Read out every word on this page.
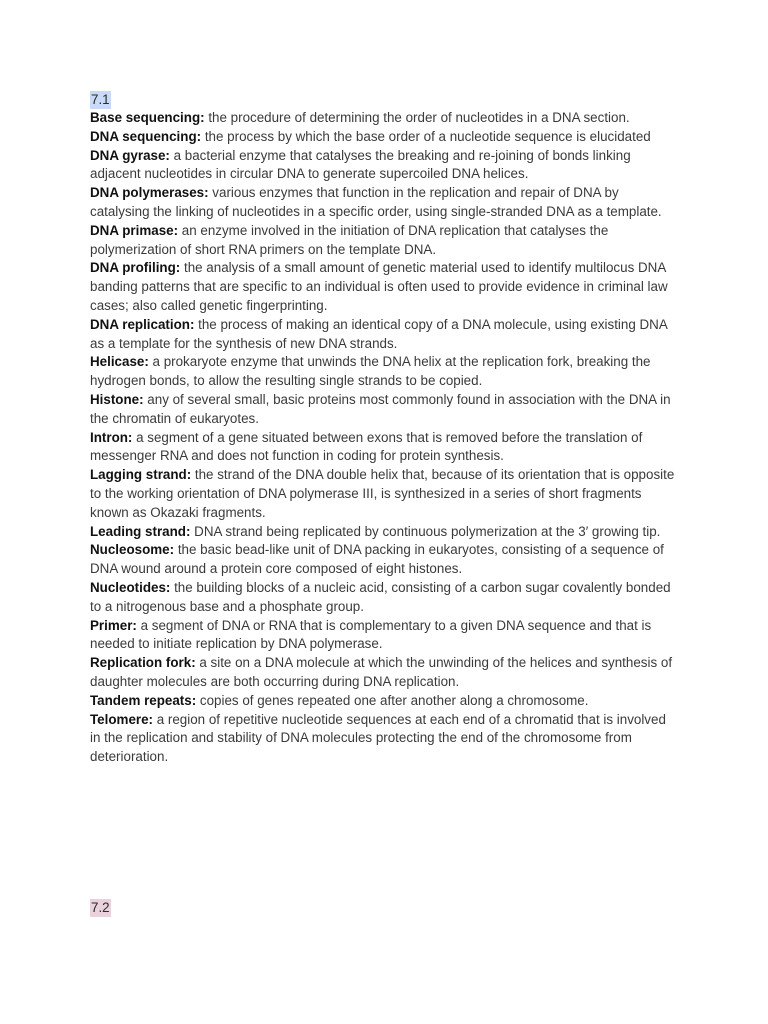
7.1
Base sequencing: the procedure of determining the order of nucleotides in a DNA section.
DNA sequencing: the process by which the base order of a nucleotide sequence is elucidated
DNA gyrase: a bacterial enzyme that catalyses the breaking and re-joining of bonds linking adjacent nucleotides in circular DNA to generate supercoiled DNA helices.
DNA polymerases: various enzymes that function in the replication and repair of DNA by catalysing the linking of nucleotides in a specific order, using single-stranded DNA as a template.
DNA primase: an enzyme involved in the initiation of DNA replication that catalyses the polymerization of short RNA primers on the template DNA.
DNA profiling: the analysis of a small amount of genetic material used to identify multilocus DNA banding patterns that are specific to an individual is often used to provide evidence in criminal law cases; also called genetic fingerprinting.
DNA replication: the process of making an identical copy of a DNA molecule, using existing DNA as a template for the synthesis of new DNA strands.
Helicase: a prokaryote enzyme that unwinds the DNA helix at the replication fork, breaking the hydrogen bonds, to allow the resulting single strands to be copied.
Histone: any of several small, basic proteins most commonly found in association with the DNA in the chromatin of eukaryotes.
Intron: a segment of a gene situated between exons that is removed before the translation of messenger RNA and does not function in coding for protein synthesis.
Lagging strand: the strand of the DNA double helix that, because of its orientation that is opposite to the working orientation of DNA polymerase III, is synthesized in a series of short fragments known as Okazaki fragments.
Leading strand: DNA strand being replicated by continuous polymerization at the 3′ growing tip.
Nucleosome: the basic bead-like unit of DNA packing in eukaryotes, consisting of a sequence of DNA wound around a protein core composed of eight histones.
Nucleotides: the building blocks of a nucleic acid, consisting of a carbon sugar covalently bonded to a nitrogenous base and a phosphate group.
Primer: a segment of DNA or RNA that is complementary to a given DNA sequence and that is needed to initiate replication by DNA polymerase.
Replication fork: a site on a DNA molecule at which the unwinding of the helices and synthesis of daughter molecules are both occurring during DNA replication.
Tandem repeats: copies of genes repeated one after another along a chromosome.
Telomere: a region of repetitive nucleotide sequences at each end of a chromatid that is involved in the replication and stability of DNA molecules protecting the end of the chromosome from deterioration.
7.2
